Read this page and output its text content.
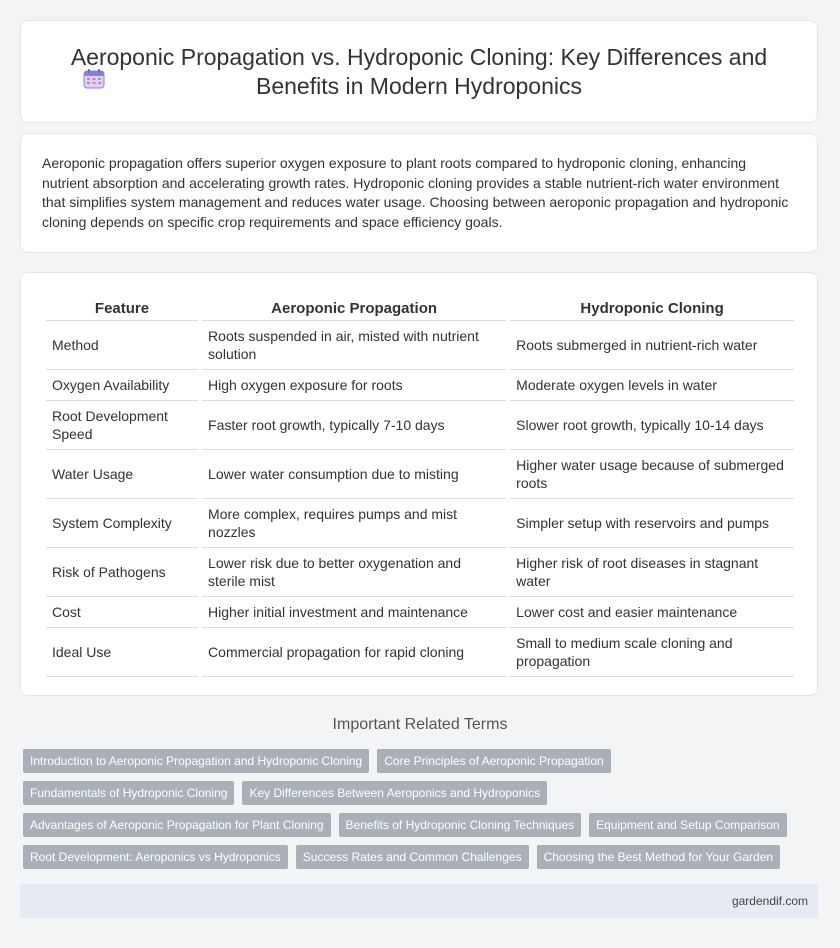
Aeroponic Propagation vs. Hydroponic Cloning: Key Differences and Benefits in Modern Hydroponics

Aeroponic propagation offers superior oxygen exposure to plant roots compared to hydroponic cloning, enhancing nutrient absorption and accelerating growth rates. Hydroponic cloning provides a stable nutrient-rich water environment that simplifies system management and reduces water usage. Choosing between aeroponic propagation and hydroponic cloning depends on specific crop requirements and space efficiency goals.

Feature	Aeroponic Propagation	Hydroponic Cloning
Method	Roots suspended in air, misted with nutrient solution	Roots submerged in nutrient-rich water
Oxygen Availability	High oxygen exposure for roots	Moderate oxygen levels in water
Root Development Speed	Faster root growth, typically 7-10 days	Slower root growth, typically 10-14 days
Water Usage	Lower water consumption due to misting	Higher water usage because of submerged roots
System Complexity	More complex, requires pumps and mist nozzles	Simpler setup with reservoirs and pumps
Risk of Pathogens	Lower risk due to better oxygenation and sterile mist	Higher risk of root diseases in stagnant water
Cost	Higher initial investment and maintenance	Lower cost and easier maintenance
Ideal Use	Commercial propagation for rapid cloning	Small to medium scale cloning and propagation
Important Related Terms
Introduction to Aeroponic Propagation and Hydroponic Cloning	Core Principles of Aeroponic Propagation
Fundamentals of Hydroponic Cloning	Key Differences Between Aeroponics and Hydroponics
Advantages of Aeroponic Propagation for Plant Cloning	Benefits of Hydroponic Cloning Techniques	Equipment and Setup Comparison
Root Development: Aeroponics vs Hydroponics	Success Rates and Common Challenges	Choosing the Best Method for Your Garden
gardendif.com
